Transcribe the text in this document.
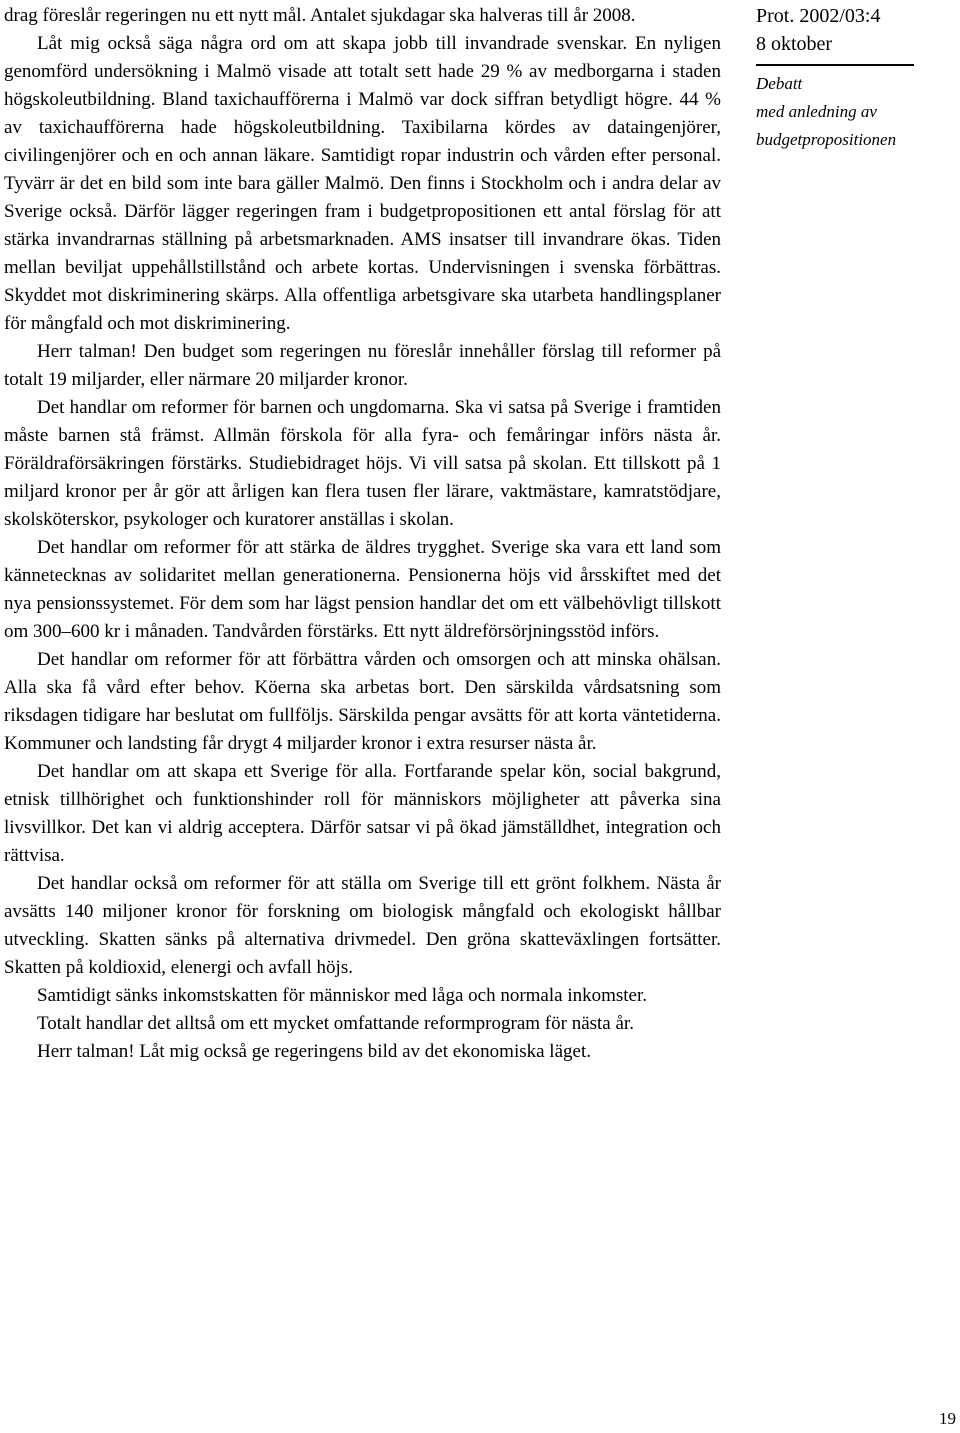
drag föreslår regeringen nu ett nytt mål. Antalet sjukdagar ska halveras till år 2008.

Låt mig också säga några ord om att skapa jobb till invandrade svenskar. En nyligen genomförd undersökning i Malmö visade att totalt sett hade 29 % av medborgarna i staden högskoleutbildning. Bland taxichaufförerna i Malmö var dock siffran betydligt högre. 44 % av taxichaufförerna hade högskoleutbildning. Taxibilarna kördes av dataingenjörer, civilingenjörer och en och annan läkare. Samtidigt ropar industrin och vården efter personal. Tyvärr är det en bild som inte bara gäller Malmö. Den finns i Stockholm och i andra delar av Sverige också. Därför lägger regeringen fram i budgetpropositionen ett antal förslag för att stärka invandrarnas ställning på arbetsmarknaden. AMS insatser till invandrare ökas. Tiden mellan beviljat uppehållstillstånd och arbete kortas. Undervisningen i svenska förbättras. Skyddet mot diskriminering skärps. Alla offentliga arbetsgivare ska utarbeta handlingsplaner för mångfald och mot diskriminering.

Herr talman! Den budget som regeringen nu föreslår innehåller förslag till reformer på totalt 19 miljarder, eller närmare 20 miljarder kronor.

Det handlar om reformer för barnen och ungdomarna. Ska vi satsa på Sverige i framtiden måste barnen stå främst. Allmän förskola för alla fyra- och femåringar införs nästa år. Föräldraförsäkringen förstärks. Studiebidraget höjs. Vi vill satsa på skolan. Ett tillskott på 1 miljard kronor per år gör att årligen kan flera tusen fler lärare, vaktmästare, kamratstödjare, skolsköterskor, psykologer och kuratorer anställas i skolan.

Det handlar om reformer för att stärka de äldres trygghet. Sverige ska vara ett land som kännetecknas av solidaritet mellan generationerna. Pensionerna höjs vid årsskiftet med det nya pensionssystemet. För dem som har lägst pension handlar det om ett välbehövligt tillskott om 300–600 kr i månaden. Tandvården förstärks. Ett nytt äldreförsörjningsstöd införs.

Det handlar om reformer för att förbättra vården och omsorgen och att minska ohälsan. Alla ska få vård efter behov. Köerna ska arbetas bort. Den särskilda vårdsatsning som riksdagen tidigare har beslutat om fullföljs. Särskilda pengar avsätts för att korta väntetiderna. Kommuner och landsting får drygt 4 miljarder kronor i extra resurser nästa år.

Det handlar om att skapa ett Sverige för alla. Fortfarande spelar kön, social bakgrund, etnisk tillhörighet och funktionshinder roll för människors möjligheter att påverka sina livsvillkor. Det kan vi aldrig acceptera. Därför satsar vi på ökad jämställdhet, integration och rättvisa.

Det handlar också om reformer för att ställa om Sverige till ett grönt folkhem. Nästa år avsätts 140 miljoner kronor för forskning om biologisk mångfald och ekologiskt hållbar utveckling. Skatten sänks på alternativa drivmedel. Den gröna skatteväxlingen fortsätter. Skatten på koldioxid, elenergi och avfall höjs.

Samtidigt sänks inkomstskatten för människor med låga och normala inkomster.

Totalt handlar det alltså om ett mycket omfattande reformprogram för nästa år.

Herr talman! Låt mig också ge regeringens bild av det ekonomiska läget.

Prot. 2002/03:4
8 oktober
Debatt
med anledning av
budgetpropositionen
19
